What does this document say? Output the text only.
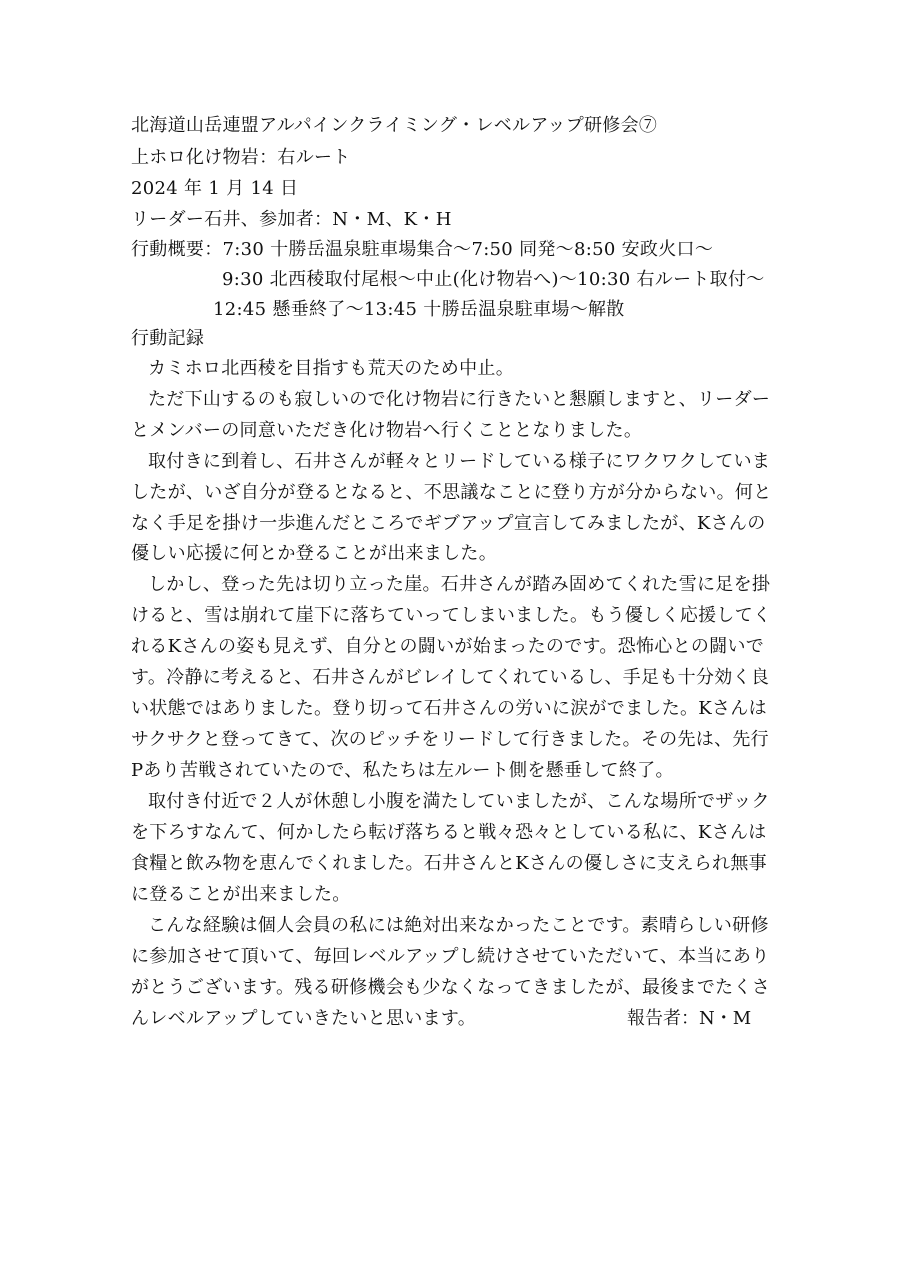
北海道山岳連盟アルパインクライミング・レベルアップ研修会⑦
上ホロ化け物岩：右ルート
2024 年 1 月 14 日
リーダー石井、参加者：N・M、K・H
行動概要：7:30 十勝岳温泉駐車場集合～7:50 同発～8:50 安政火口～
9:30 北西稜取付尾根～中止(化け物岩へ)～10:30 右ルート取付～
12:45 懸垂終了～13:45 十勝岳温泉駐車場～解散
行動記録
カミホロ北西稜を目指すも荒天のため中止。
ただ下山するのも寂しいので化け物岩に行きたいと懇願しますと、リーダー
とメンバーの同意いただき化け物岩へ行くこととなりました。
取付きに到着し、石井さんが軽々とリードしている様子にワクワクしていま
したが、いざ自分が登るとなると、不思議なことに登り方が分からない。何と
なく手足を掛け一歩進んだところでギブアップ宣言してみましたが、Kさんの
優しい応援に何とか登ることが出来ました。
しかし、登った先は切り立った崖。石井さんが踏み固めてくれた雪に足を掛
けると、雪は崩れて崖下に落ちていってしまいました。もう優しく応援してく
れるKさんの姿も見えず、自分との闘いが始まったのです。恐怖心との闘いで
す。冷静に考えると、石井さんがビレイしてくれているし、手足も十分効く良
い状態ではありました。登り切って石井さんの労いに涙がでました。Kさんは
サクサクと登ってきて、次のピッチをリードして行きました。その先は、先行
Pあり苦戦されていたので、私たちは左ルート側を懸垂して終了。
取付き付近で２人が休憩し小腹を満たしていましたが、こんな場所でザック
を下ろすなんて、何かしたら転げ落ちると戦々恐々としている私に、Kさんは
食糧と飲み物を恵んでくれました。石井さんとKさんの優しさに支えられ無事
に登ることが出来ました。
こんな経験は個人会員の私には絶対出来なかったことです。素晴らしい研修
に参加させて頂いて、毎回レベルアップし続けさせていただいて、本当にあり
がとうございます。残る研修機会も少なくなってきましたが、最後までたくさ
んレベルアップしていきたいと思います。	報告者：N・M
